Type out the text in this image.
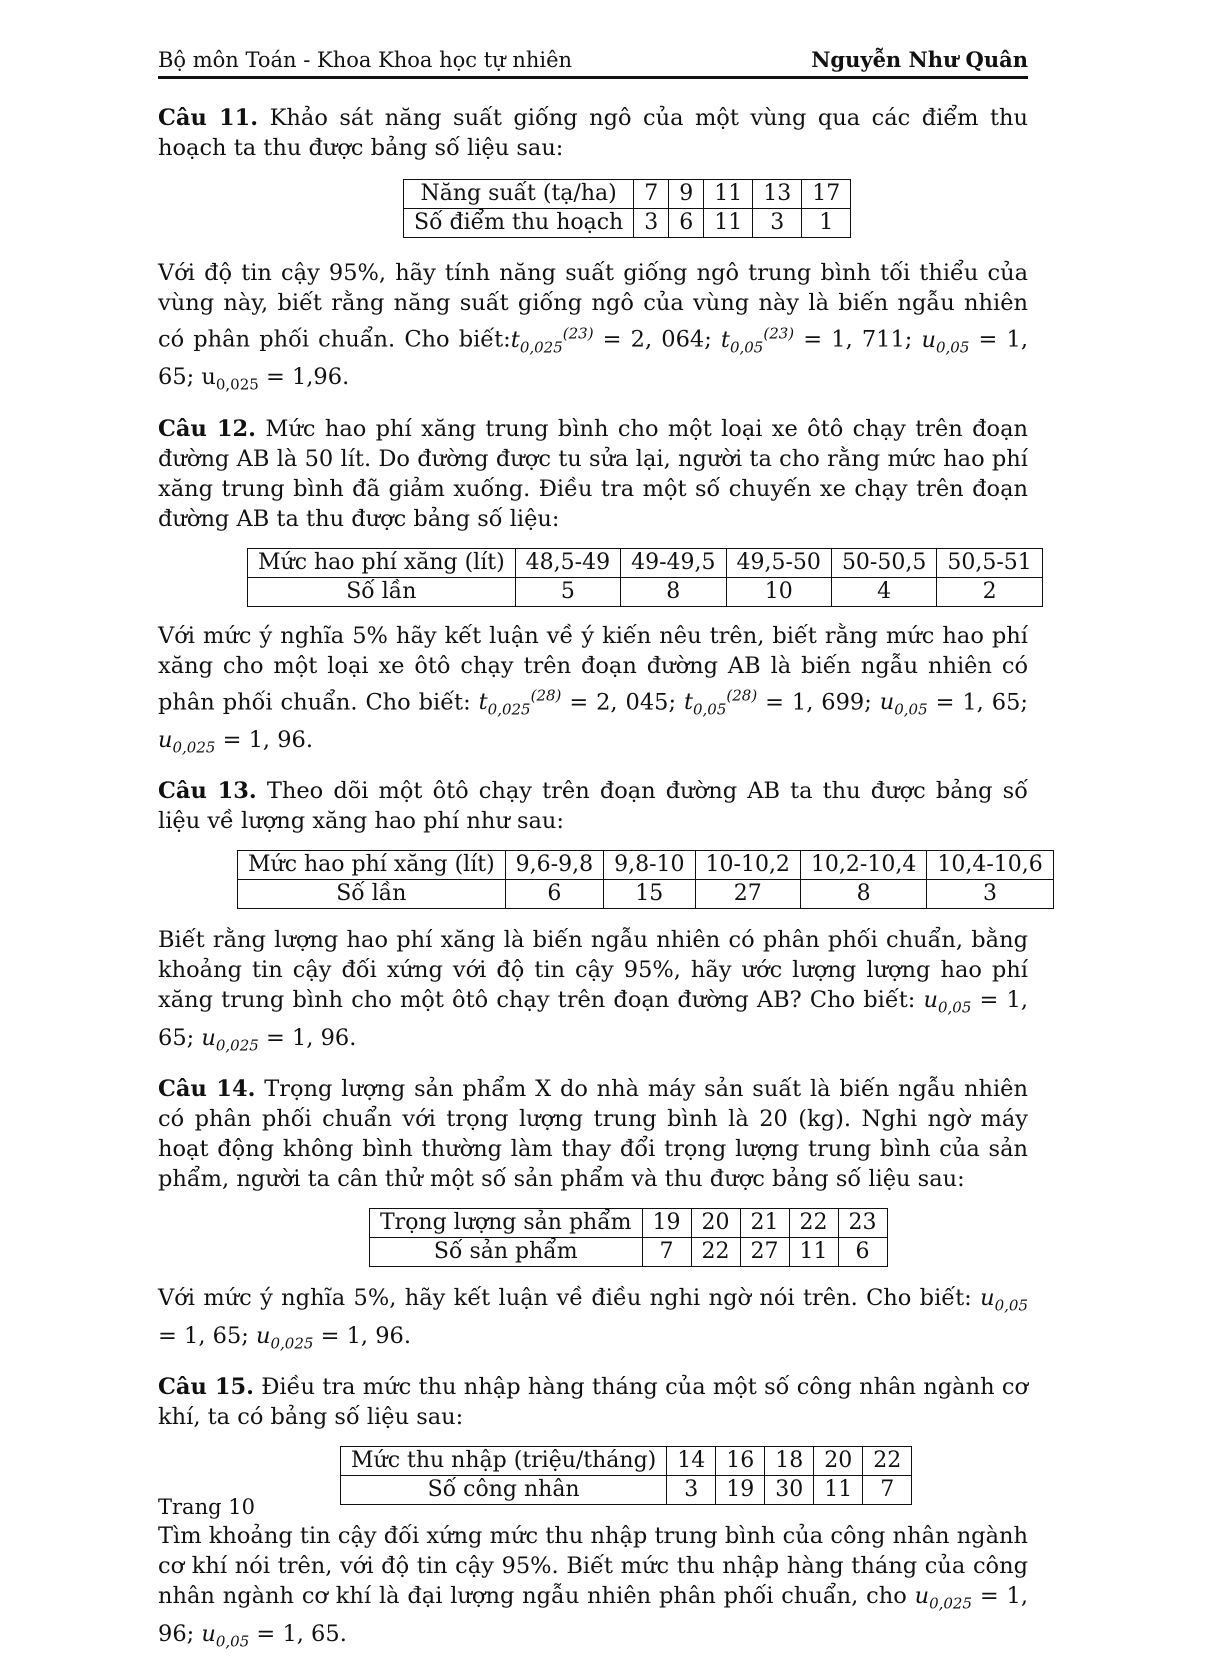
Bộ môn Toán - Khoa Khoa học tự nhiên	Nguyễn Như Quân

Câu 11. Khảo sát năng suất giống ngô của một vùng qua các điểm thu hoạch ta thu được bảng số liệu sau:

Năng suất (tạ/ha)	7	9	11	13	17
Số điểm thu hoạch	3	6	11	3	1

Với độ tin cậy 95%, hãy tính năng suất giống ngô trung bình tối thiểu của vùng này, biết rằng năng suất giống ngô của vùng này là biến ngẫu nhiên có phân phối chuẩn. Cho $biết:t_{0,025}^{(23)} = 2$, 064; $t_{0,05}^{(23)} = 1$, 711; $u_{0,05} = 1$, 65; $u_{0,025} = 1,96$.

Câu 12. Mức hao phí xăng trung bình cho một loại xe ôtô chạy trên đoạn đường AB là 50 lít. Do đường được tu sửa lại, người ta cho rằng mức hao phí xăng trung bình đã giảm xuống. Điều tra một số chuyến xe chạy trên đoạn đường AB ta thu được bảng số liệu:

Mức hao phí xăng (lít)	48,5-49	49-49,5	49,5-50	50-50,5	50,5-51
Số lần	5	8	10	4	2

Với mức ý nghĩa 5% hãy kết luận về ý kiến nêu trên, biết rằng mức hao phí xăng cho một loại xe ôtô chạy trên đoạn đường AB là biến ngẫu nhiên có phân phối chuẩn. Cho biết: $t_{0,025}^{(28)} = 2$, 045; $t_{0,05}^{(28)} = 1$, 699; $u_{0,05} = 1$, 65; $u_{0,025} = 1$, 96.

Câu 13. Theo dõi một ôtô chạy trên đoạn đường AB ta thu được bảng số liệu về lượng xăng hao phí như sau:

Mức hao phí xăng (lít)	9,6-9,8	9,8-10	10-10,2	10,2-10,4	10,4-10,6
Số lần	6	15	27	8	3

Biết rằng lượng hao phí xăng là biến ngẫu nhiên có phân phối chuẩn, bằng khoảng tin cậy đối xứng với độ tin cậy 95%, hãy ước lượng lượng hao phí xăng trung bình cho một ôtô chạy trên đoạn đường AB? Cho biết: $u_{0,05} = 1$, 65; $u_{0,025} = 1$, 96.

Câu 14. Trọng lượng sản phẩm X do nhà máy sản suất là biến ngẫu nhiên có phân phối chuẩn với trọng lượng trung bình là 20 (kg). Nghi ngờ máy hoạt động không bình thường làm thay đổi trọng lượng trung bình của sản phẩm, người ta cân thử một số sản phẩm và thu được bảng số liệu sau:

Trọng lượng sản phẩm	19	20	21	22	23
Số sản phẩm	7	22	27	11	6

Với mức ý nghĩa 5%, hãy kết luận về điều nghi ngờ nói trên. Cho biết: $u_{0,05} = 1$, 65; $u_{0,025} = 1$, 96.

Câu 15. Điều tra mức thu nhập hàng tháng của một số công nhân ngành cơ khí, ta có bảng số liệu sau:

Mức thu nhập (triệu/tháng)	14	16	18	20	22
Số công nhân	3	19	30	11	7

Tìm khoảng tin cậy đối xứng mức thu nhập trung bình của công nhân ngành cơ khí nói trên, với độ tin cậy 95%. Biết mức thu nhập hàng tháng của công nhân ngành cơ khí là đại lượng ngẫu nhiên phân phối chuẩn, cho $u_{0,025} = 1$, 96; $u_{0,05} = 1$, 65.

Trang 10
